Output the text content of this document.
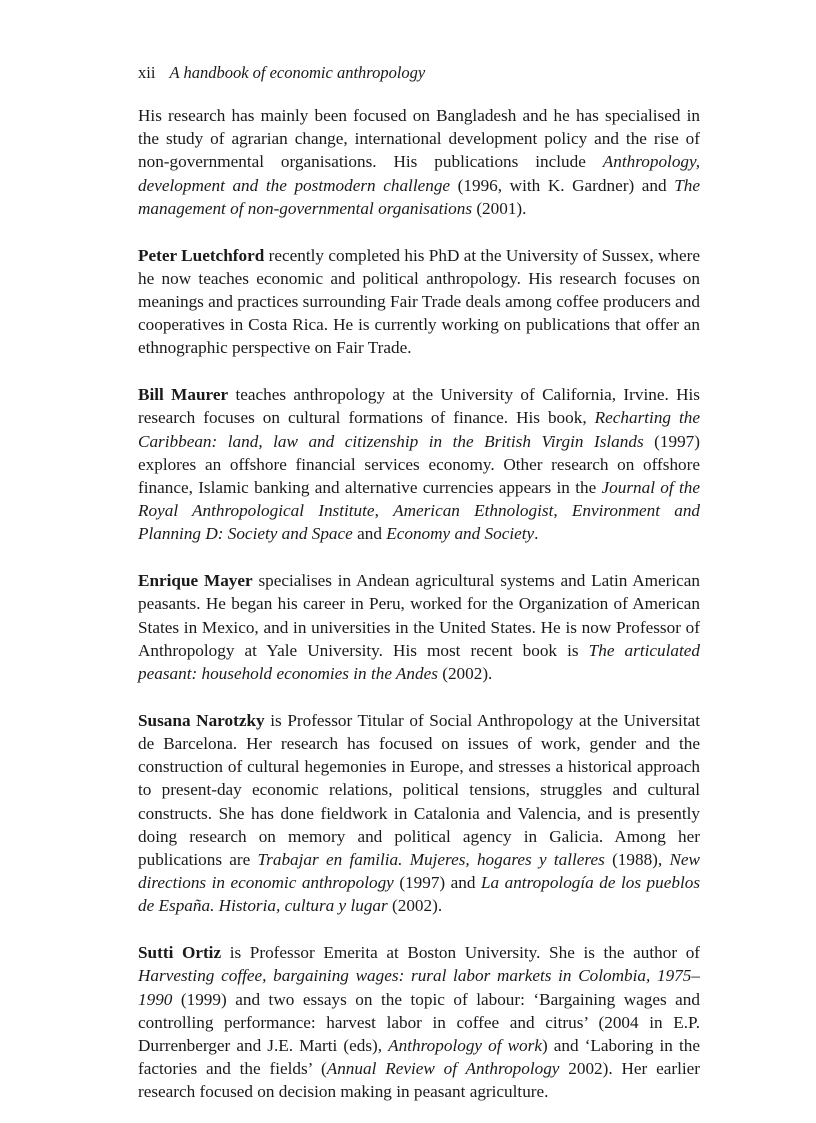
xii A handbook of economic anthropology

His research has mainly been focused on Bangladesh and he has specialised in the study of agrarian change, international development policy and the rise of non-governmental organisations. His publications include Anthropology, development and the postmodern challenge (1996, with K. Gardner) and The management of non-governmental organisations (2001).

Peter Luetchford recently completed his PhD at the University of Sussex, where he now teaches economic and political anthropology. His research focuses on meanings and practices surrounding Fair Trade deals among coffee producers and cooperatives in Costa Rica. He is currently working on publications that offer an ethnographic perspective on Fair Trade.

Bill Maurer teaches anthropology at the University of California, Irvine. His research focuses on cultural formations of finance. His book, Recharting the Caribbean: land, law and citizenship in the British Virgin Islands (1997) explores an offshore financial services economy. Other research on offshore finance, Islamic banking and alternative currencies appears in the Journal of the Royal Anthropological Institute, American Ethnologist, Environment and Planning D: Society and Space and Economy and Society.

Enrique Mayer specialises in Andean agricultural systems and Latin American peasants. He began his career in Peru, worked for the Organization of American States in Mexico, and in universities in the United States. He is now Professor of Anthropology at Yale University. His most recent book is The articulated peasant: household economies in the Andes (2002).

Susana Narotzky is Professor Titular of Social Anthropology at the Universitat de Barcelona. Her research has focused on issues of work, gender and the construction of cultural hegemonies in Europe, and stresses a historical approach to present-day economic relations, political tensions, struggles and cultural constructs. She has done fieldwork in Catalonia and Valencia, and is presently doing research on memory and political agency in Galicia. Among her publications are Trabajar en familia. Mujeres, hogares y talleres (1988), New directions in economic anthropology (1997) and La antropología de los pueblos de España. Historia, cultura y lugar (2002).

Sutti Ortiz is Professor Emerita at Boston University. She is the author of Harvesting coffee, bargaining wages: rural labor markets in Colombia, 1975–1990 (1999) and two essays on the topic of labour: ‘Bargaining wages and controlling performance: harvest labor in coffee and citrus’ (2004 in E.P. Durrenberger and J.E. Marti (eds), Anthropology of work) and ‘Laboring in the factories and the fields’ (Annual Review of Anthropology 2002). Her earlier research focused on decision making in peasant agriculture.
